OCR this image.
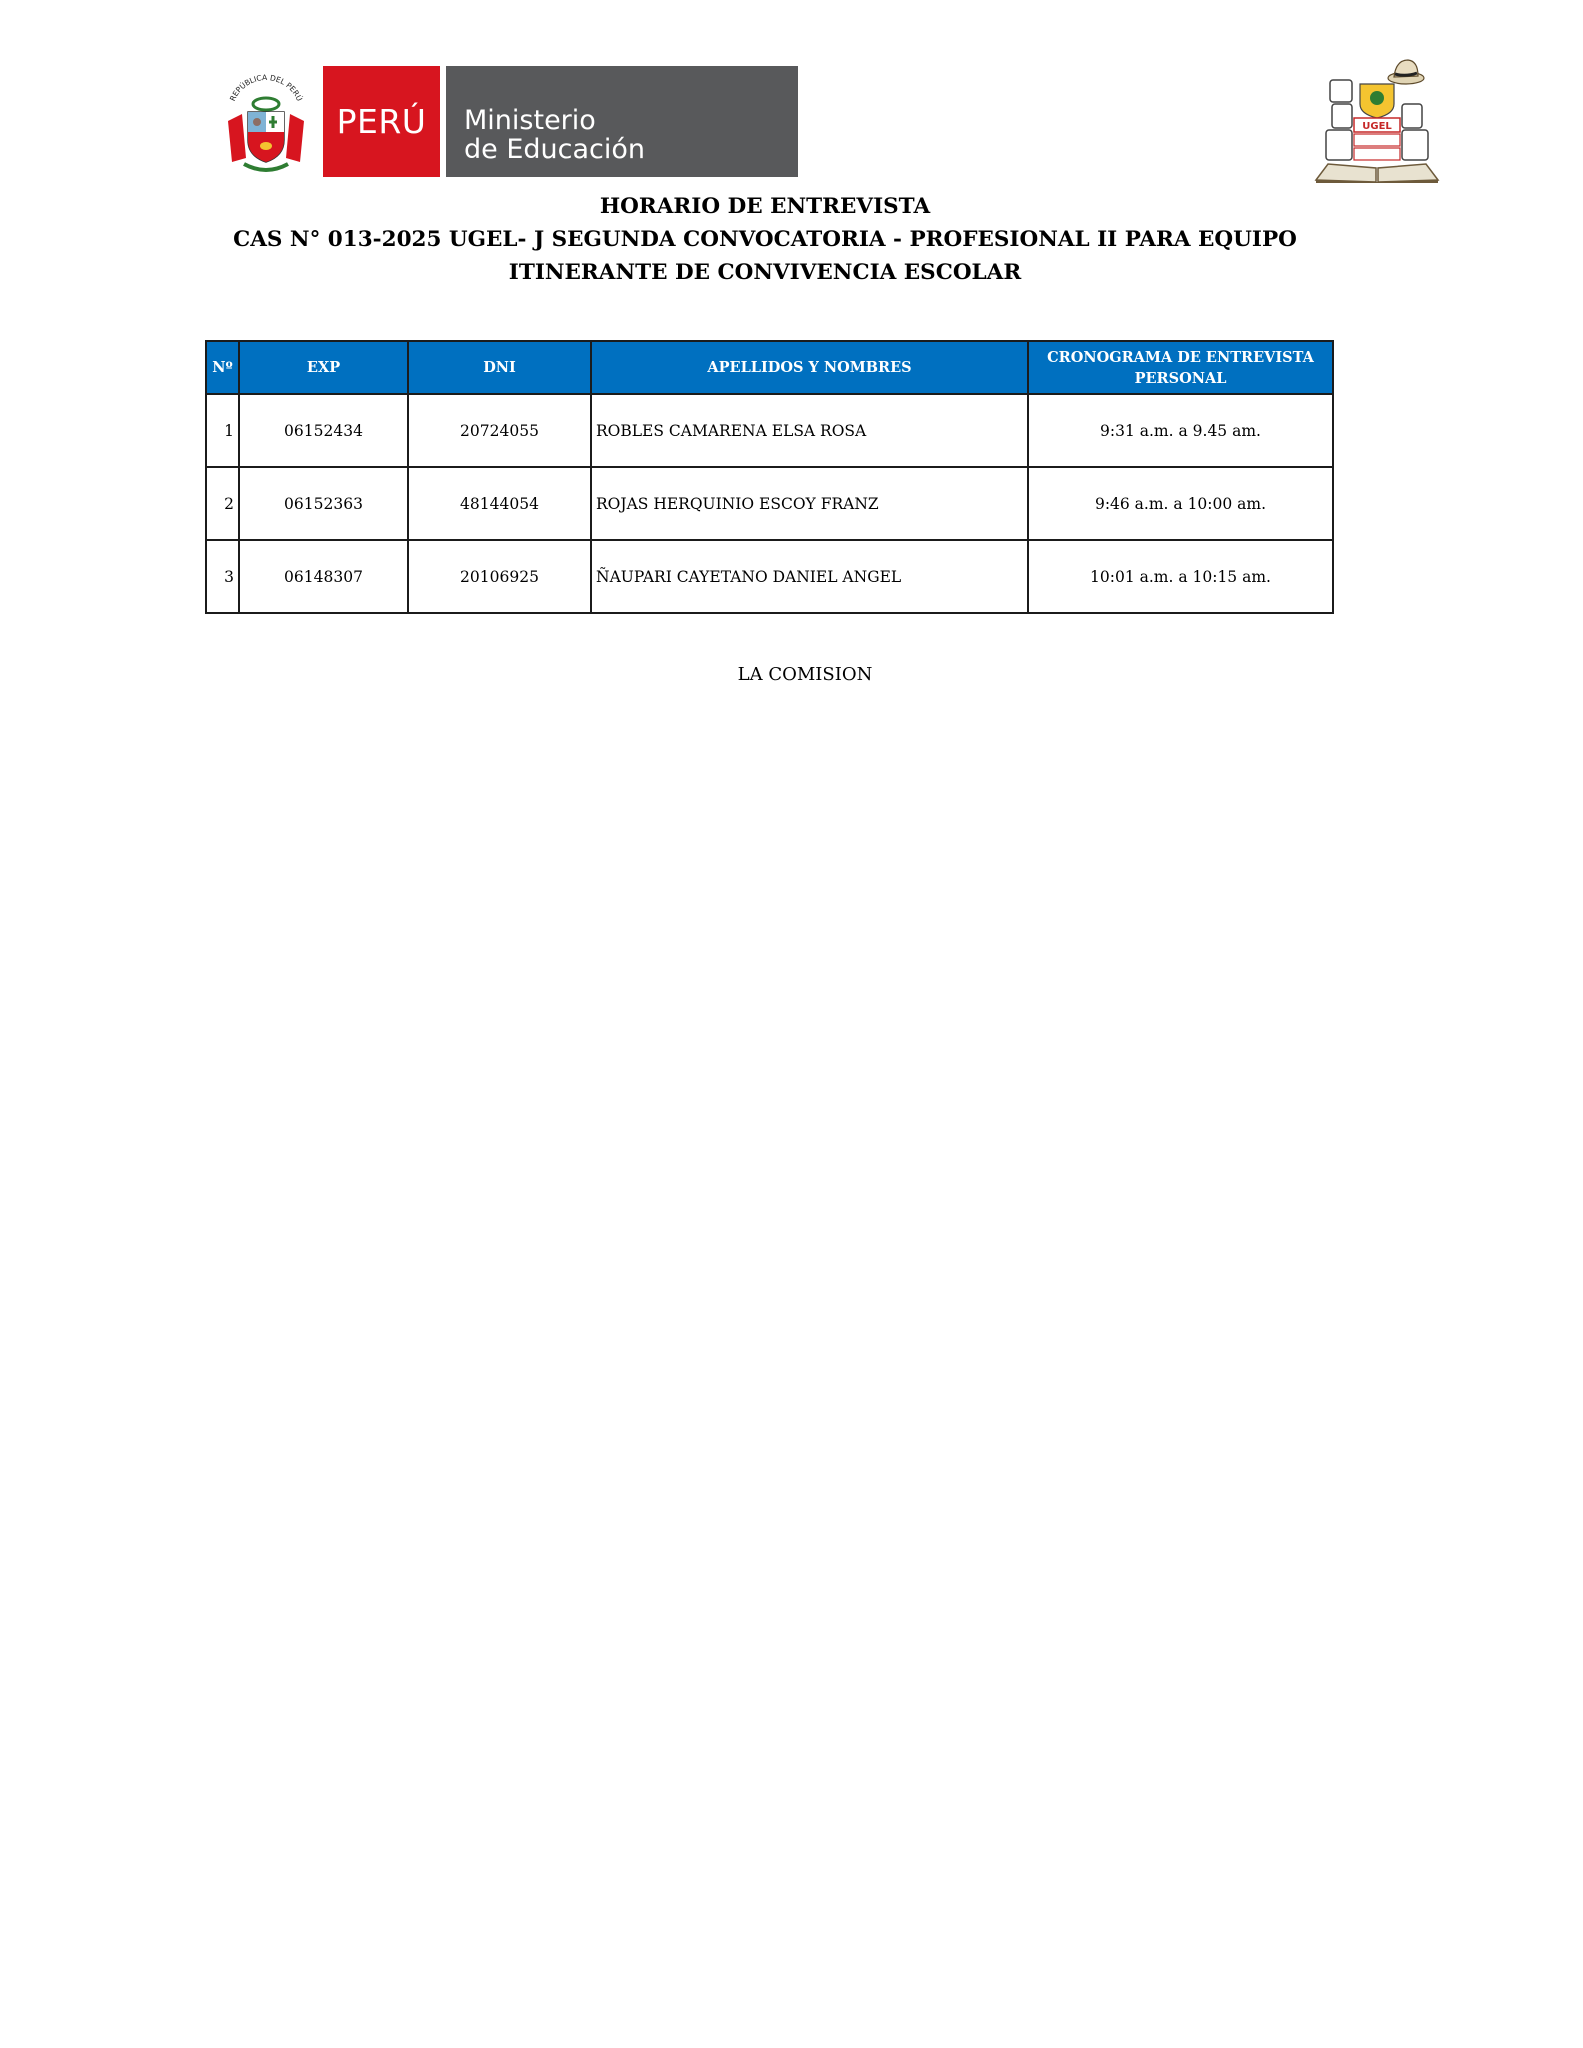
REPÚBLICA DEL PERÚ
PERÚ Ministerio
de Educación
UGEL
HORARIO DE ENTREVISTA
CAS N° 013-2025 UGEL- J SEGUNDA CONVOCATORIA - PROFESIONAL II PARA EQUIPO
ITINERANTE DE CONVIVENCIA ESCOLAR
Nº	EXP	DNI	APELLIDOS Y NOMBRES	CRONOGRAMA DE ENTREVISTA PERSONAL
1	06152434	20724055	ROBLES CAMARENA ELSA ROSA	9:31 a.m. a 9.45 am.
2	06152363	48144054	ROJAS HERQUINIO ESCOY FRANZ	9:46 a.m. a 10:00 am.
3	06148307	20106925	ÑAUPARI CAYETANO DANIEL ANGEL	10:01 a.m. a 10:15 am.
LA COMISION
